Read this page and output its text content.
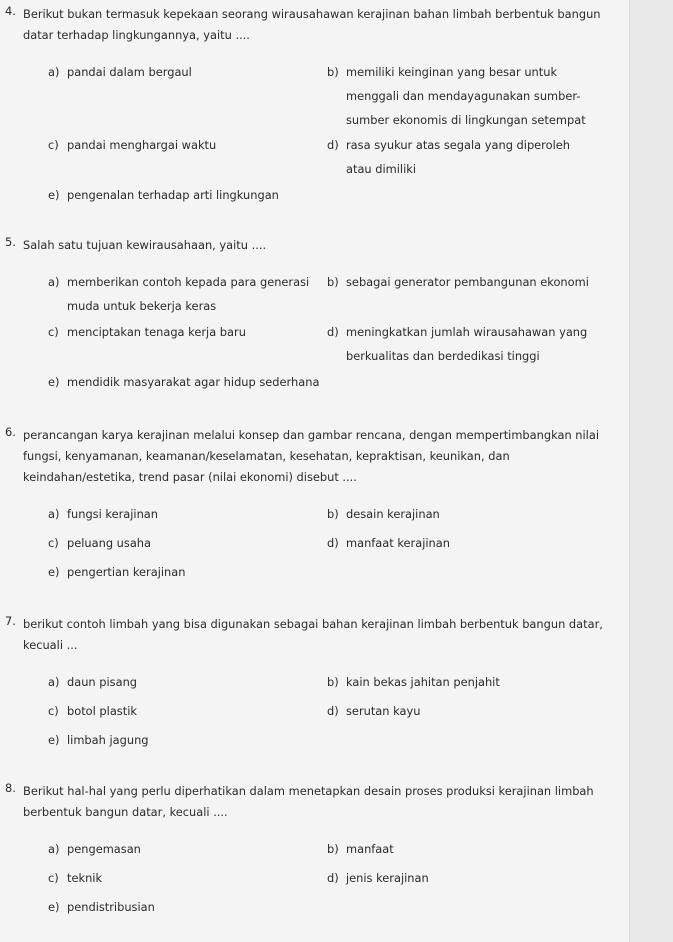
4. Berikut bukan termasuk kepekaan seorang wirausahawan kerajinan bahan limbah berbentuk bangun datar terhadap lingkungannya, yaitu ....
a) pandai dalam bergaul	b) memiliki keinginan yang besar untuk menggali dan mendayagunakan sumber-sumber ekonomis di lingkungan setempat
c) pandai menghargai waktu	d) rasa syukur atas segala yang diperoleh atau dimiliki
e) pengenalan terhadap arti lingkungan
5. Salah satu tujuan kewirausahaan, yaitu ....
a) memberikan contoh kepada para generasi muda untuk bekerja keras
b) sebagai generator pembangunan ekonomi
c) menciptakan tenaga kerja baru	d) meningkatkan jumlah wirausahawan yang berkualitas dan berdedikasi tinggi
e) mendidik masyarakat agar hidup sederhana
6. perancangan karya kerajinan melalui konsep dan gambar rencana, dengan mempertimbangkan nilai fungsi, kenyamanan, keamanan/keselamatan, kesehatan, kepraktisan, keunikan, dan keindahan/estetika, trend pasar (nilai ekonomi) disebut ....
a) fungsi kerajinan	b) desain kerajinan
c) peluang usaha	d) manfaat kerajinan
e) pengertian kerajinan
7. berikut contoh limbah yang bisa digunakan sebagai bahan kerajinan limbah berbentuk bangun datar, kecuali ...
a) daun pisang	b) kain bekas jahitan penjahit
c) botol plastik	d) serutan kayu
e) limbah jagung
8. Berikut hal-hal yang perlu diperhatikan dalam menetapkan desain proses produksi kerajinan limbah berbentuk bangun datar, kecuali ....
a) pengemasan	b) manfaat
c) teknik	d) jenis kerajinan
e) pendistribusian
